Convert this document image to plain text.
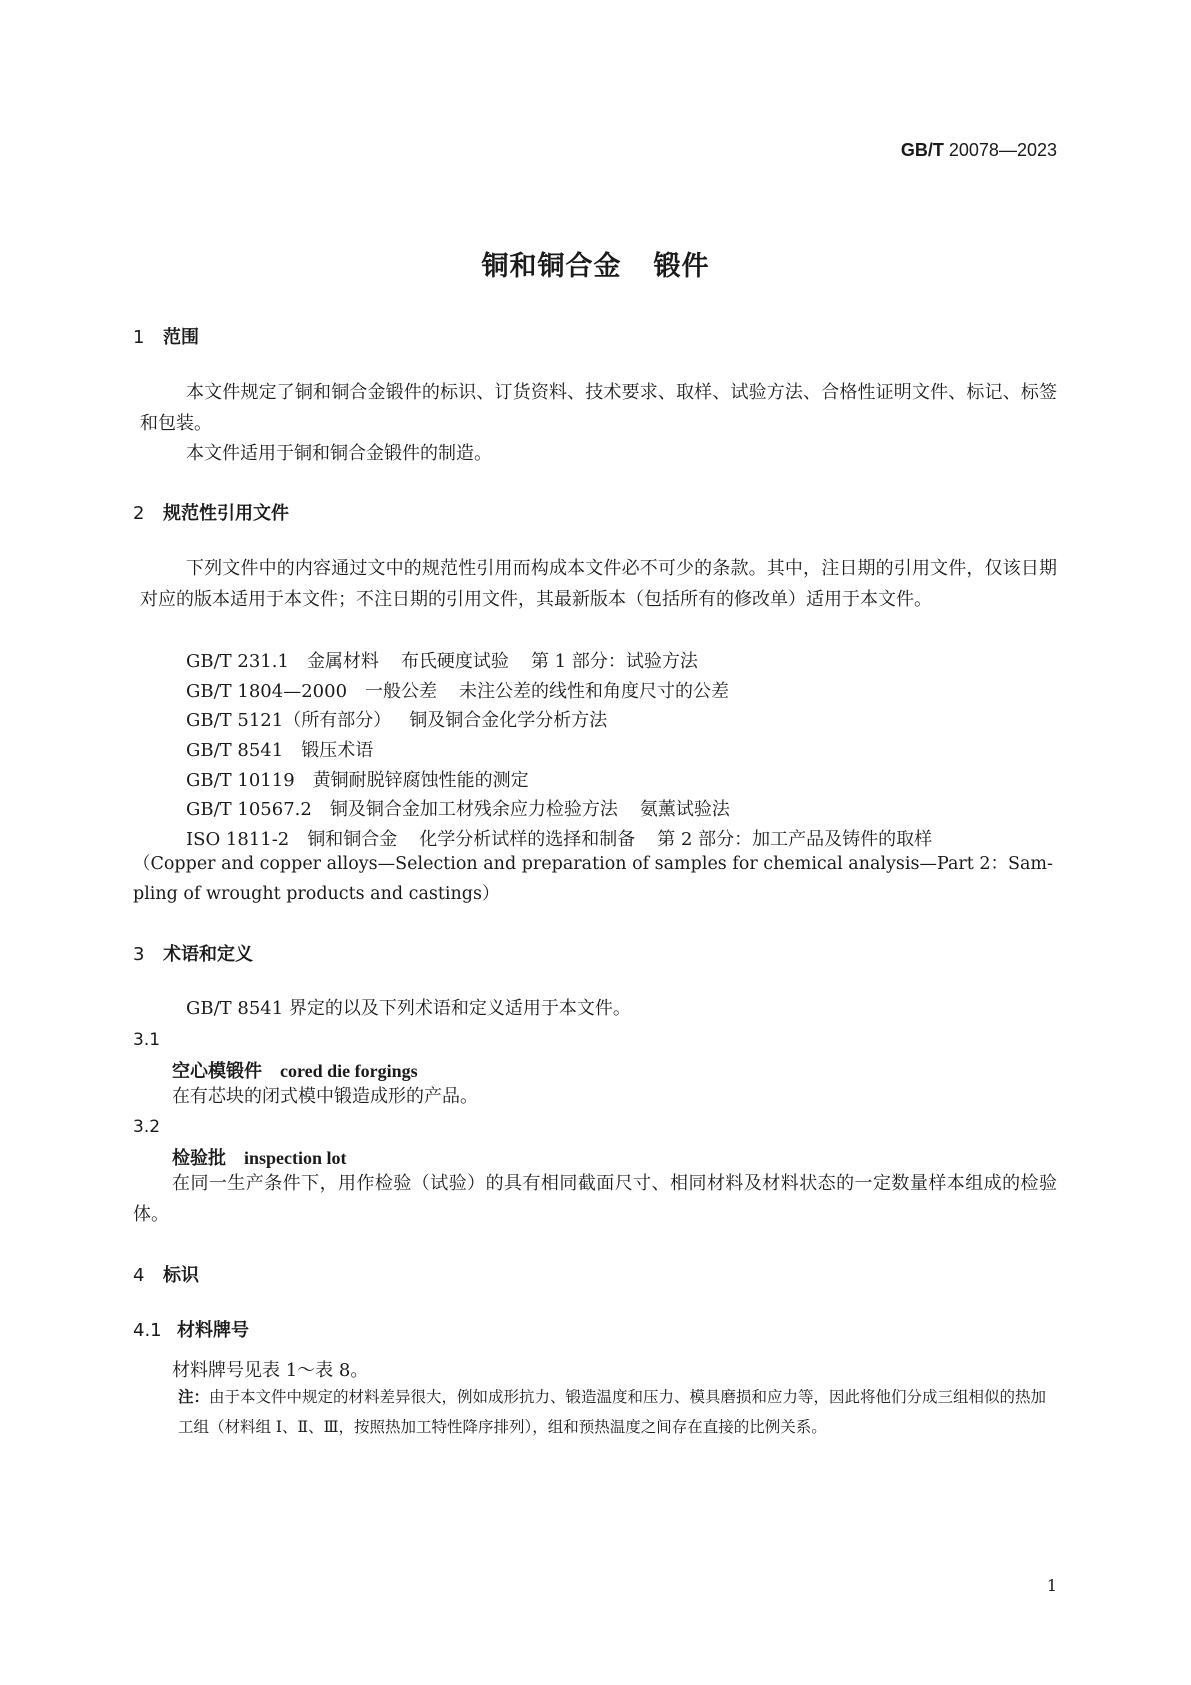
GB/T 20078—2023
铜和铜合金 锻件
1 范围
本文件规定了铜和铜合金锻件的标识、订货资料、技术要求、取样、试验方法、合格性证明文件、标记、标签和包装。
本文件适用于铜和铜合金锻件的制造。
2 规范性引用文件
下列文件中的内容通过文中的规范性引用而构成本文件必不可少的条款。其中，注日期的引用文件，仅该日期对应的版本适用于本文件；不注日期的引用文件，其最新版本（包括所有的修改单）适用于本文件。
GB/T 231.1 金属材料 布氏硬度试验 第 1 部分：试验方法
GB/T 1804—2000 一般公差 未注公差的线性和角度尺寸的公差
GB/T 5121（所有部分） 铜及铜合金化学分析方法
GB/T 8541 锻压术语
GB/T 10119 黄铜耐脱锌腐蚀性能的测定
GB/T 10567.2 铜及铜合金加工材残余应力检验方法 氨薰试验法
ISO 1811-2 铜和铜合金 化学分析试样的选择和制备 第 2 部分：加工产品及铸件的取样
（Copper and copper alloys—Selection and preparation of samples for chemical analysis—Part 2：Sam-
pling of wrought products and castings）
3 术语和定义
GB/T 8541 界定的以及下列术语和定义适用于本文件。
3.1
空心模锻件 cored die forgings
在有芯块的闭式模中锻造成形的产品。
3.2
检验批 inspection lot
在同一生产条件下，用作检验（试验）的具有相同截面尺寸、相同材料及材料状态的一定数量样本组成的检验体。
4 标识
4.1 材料牌号
材料牌号见表 1～表 8。
注：由于本文件中规定的材料差异很大，例如成形抗力、锻造温度和压力、模具磨损和应力等，因此将他们分成三组相似的热加工组（材料组 Ⅰ、Ⅱ、Ⅲ，按照热加工特性降序排列），组和预热温度之间存在直接的比例关系。
1
